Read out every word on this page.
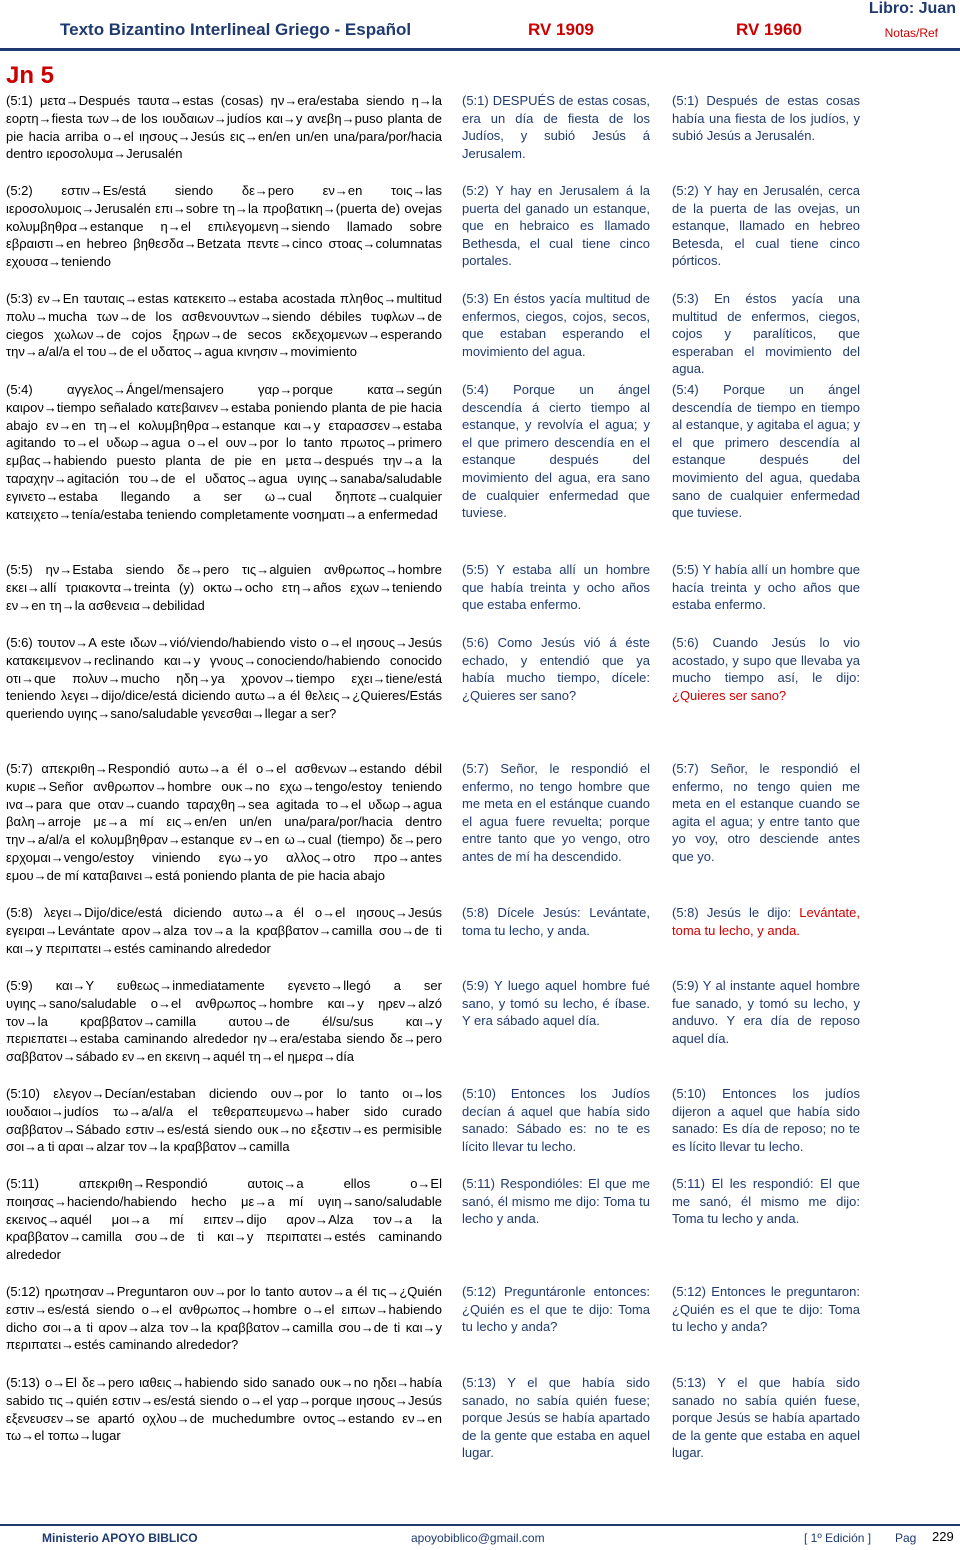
Texto Bizantino Interlineal Griego - Español	RV 1909	RV 1960
Libro: Juan
Notas/Ref
Jn 5
(5:1) μετα→Después ταυτα→estas (cosas) ην→era/estaba siendo η→la εορτη→fiesta των→de los ιουδαιων→judíos και→y ανεβη→puso planta de pie hacia arriba ο→el ιησους→Jesús εις→en/en un/en una/para/por/hacia dentro ιεροσολυμα→Jerusalén
(5:1) DESPUÉS de estas cosas, era un día de fiesta de los Judíos, y subió Jesús á Jerusalem.
(5:1) Después de estas cosas había una fiesta de los judíos, y subió Jesús a Jerusalén.
(5:2) εστιν→Es/está siendo δε→pero εν→en τοις→las ιεροσολυμοις→Jerusalén επι→sobre τη→la προβατικη→(puerta de) ovejas κολυμβηθρα→estanque η→el επιλεγομενη→siendo llamado sobre εβραιστι→en hebreo βηθεσδα→Betzata πεντε→cinco στοας→columnatas εχουσα→teniendo
(5:2) Y hay en Jerusalem á la puerta del ganado un estanque, que en hebraico es llamado Bethesda, el cual tiene cinco portales.
(5:2) Y hay en Jerusalén, cerca de la puerta de las ovejas, un estanque, llamado en hebreo Betesda, el cual tiene cinco pórticos.
(5:3) εν→En ταυταις→estas κατεκειτο→estaba acostada πληθος→multitud πολυ→mucha των→de los ασθενουντων→siendo débiles τυφλων→de ciegos χωλων→de cojos ξηρων→de secos εκδεχομενων→esperando την→a/al/a el του→de el υδατος→agua κινησιν→movimiento
(5:3) En éstos yacía multitud de enfermos, ciegos, cojos, secos, que estaban esperando el movimiento del agua.
(5:3) En éstos yacía una multitud de enfermos, ciegos, cojos y paralíticos, que esperaban el movimiento del agua.
(5:4) αγγελος→Ángel/mensajero γαρ→porque κατα→según καιρον→tiempo señalado κατεβαινεν→estaba poniendo planta de pie hacia abajo εν→en τη→el κολυμβηθρα→estanque και→y εταρασσεν→estaba agitando το→el υδωρ→agua ο→el ουν→por lo tanto πρωτος→primero εμβας→habiendo puesto planta de pie en μετα→después την→a la ταραχην→agitación του→de el υδατος→agua υγιης→sanaba/saludable εγινετο→estaba llegando a ser ω→cual δηποτε→cualquier κατειχετο→tenía/estaba teniendo completamente νοσηματι→a enfermedad
(5:4) Porque un ángel descendía á cierto tiempo al estanque, y revolvía el agua; y el que primero descendía en el estanque después del movimiento del agua, era sano de cualquier enfermedad que tuviese.
(5:4) Porque un ángel descendía de tiempo en tiempo al estanque, y agitaba el agua; y el que primero descendía al estanque después del movimiento del agua, quedaba sano de cualquier enfermedad que tuviese.
(5:5) ην→Estaba siendo δε→pero τις→alguien ανθρωπος→hombre εκει→allí τριακοντα→treinta (y) οκτω→ocho ετη→años εχων→teniendo εν→en τη→la ασθενεια→debilidad
(5:5) Y estaba allí un hombre que había treinta y ocho años que estaba enfermo.
(5:5) Y había allí un hombre que hacía treinta y ocho años que estaba enfermo.
(5:6) τουτον→A este ιδων→vió/viendo/habiendo visto ο→el ιησους→Jesús κατακειμενον→reclinando και→y γνους→conociendo/habiendo conocido οτι→que πολυν→mucho ηδη→ya χρονον→tiempo εχει→tiene/está teniendo λεγει→dijo/dice/está diciendo αυτω→a él θελεις→¿Quieres/Estás queriendo υγιης→sano/saludable γενεσθαι→llegar a ser?
(5:6) Como Jesús vió á éste echado, y entendió que ya había mucho tiempo, dícele: ¿Quieres ser sano?
(5:6) Cuando Jesús lo vio acostado, y supo que llevaba ya mucho tiempo así, le dijo: ¿Quieres ser sano?
(5:7) απεκριθη→Respondió αυτω→a él ο→el ασθενων→estando débil κυριε→Señor ανθρωπον→hombre ουκ→no εχω→tengo/estoy teniendo ινα→para que οταν→cuando ταραχθη→sea agitada το→el υδωρ→agua βαλη→arroje με→a mí εις→en/en un/en una/para/por/hacia dentro την→a/al/a el κολυμβηθραν→estanque εν→en ω→cual (tiempo) δε→pero ερχομαι→vengo/estoy viniendo εγω→yo αλλος→otro προ→antes εμου→de mí καταβαινει→está poniendo planta de pie hacia abajo
(5:7) Señor, le respondió el enfermo, no tengo hombre que me meta en el estánque cuando el agua fuere revuelta; porque entre tanto que yo vengo, otro antes de mí ha descendido.
(5:7) Señor, le respondió el enfermo, no tengo quien me meta en el estanque cuando se agita el agua; y entre tanto que yo voy, otro desciende antes que yo.
(5:8) λεγει→Dijo/dice/está diciendo αυτω→a él ο→el ιησους→Jesús εγειραι→Levántate αρον→alza τον→a la κραββατον→camilla σου→de ti και→y περιπατει→estés caminando alrededor
(5:8) Dícele Jesús: Levántate, toma tu lecho, y anda.
(5:8) Jesús le dijo: Levántate, toma tu lecho, y anda.
(5:9) και→Y ευθεως→inmediatamente εγενετο→llegó a ser υγιης→sano/saludable ο→el ανθρωπος→hombre και→y ηρεν→alzó τον→la κραββατον→camilla αυτου→de él/su/sus και→y περιεπατει→estaba caminando alrededor ην→era/estaba siendo δε→pero σαββατον→sábado εν→en εκεινη→aquél τη→el ημερα→día
(5:9) Y luego aquel hombre fué sano, y tomó su lecho, é íbase. Y era sábado aquel día.
(5:9) Y al instante aquel hombre fue sanado, y tomó su lecho, y anduvo. Y era día de reposo aquel día.
(5:10) ελεγον→Decían/estaban diciendo ουν→por lo tanto οι→los ιουδαιοι→judíos τω→a/al/a el τεθεραπευμενω→haber sido curado σαββατον→Sábado εστιν→es/está siendo ουκ→no εξεστιν→es permisible σοι→a ti αραι→alzar τον→la κραββατον→camilla
(5:10) Entonces los Judíos decían á aquel que había sido sanado: Sábado es: no te es lícito llevar tu lecho.
(5:10) Entonces los judíos dijeron a aquel que había sido sanado: Es día de reposo; no te es lícito llevar tu lecho.
(5:11) απεκριθη→Respondió αυτοις→a ellos ο→El ποιησας→haciendo/habiendo hecho με→a mí υγιη→sano/saludable εκεινος→aquél μοι→a mí ειπεν→dijo αρον→Alza τον→a la κραββατον→camilla σου→de ti και→y περιπατει→estés caminando alrededor
(5:11) Respondióles: El que me sanó, él mismo me dijo: Toma tu lecho y anda.
(5:11) El les respondió: El que me sanó, él mismo me dijo: Toma tu lecho y anda.
(5:12) ηρωτησαν→Preguntaron ουν→por lo tanto αυτον→a él τις→¿Quién εστιν→es/está siendo ο→el ανθρωπος→hombre ο→el ειπων→habiendo dicho σοι→a ti αρον→alza τον→la κραββατον→camilla σου→de ti και→y περιπατει→estés caminando alrededor?
(5:12) Preguntáronle entonces: ¿Quién es el que te dijo: Toma tu lecho y anda?
(5:12) Entonces le preguntaron: ¿Quién es el que te dijo: Toma tu lecho y anda?
(5:13) ο→El δε→pero ιαθεις→habiendo sido sanado ουκ→no ηδει→había sabido τις→quién εστιν→es/está siendo ο→el γαρ→porque ιησους→Jesús εξενευσεν→se apartó οχλου→de muchedumbre οντος→estando εν→en τω→el τοπω→lugar
(5:13) Y el que había sido sanado, no sabía quién fuese; porque Jesús se había apartado de la gente que estaba en aquel lugar.
(5:13) Y el que había sido sanado no sabía quién fuese, porque Jesús se había apartado de la gente que estaba en aquel lugar.
Ministerio APOYO BIBLICO	apoyobiblico@gmail.com	[ 1º Edición ] Pag 229
